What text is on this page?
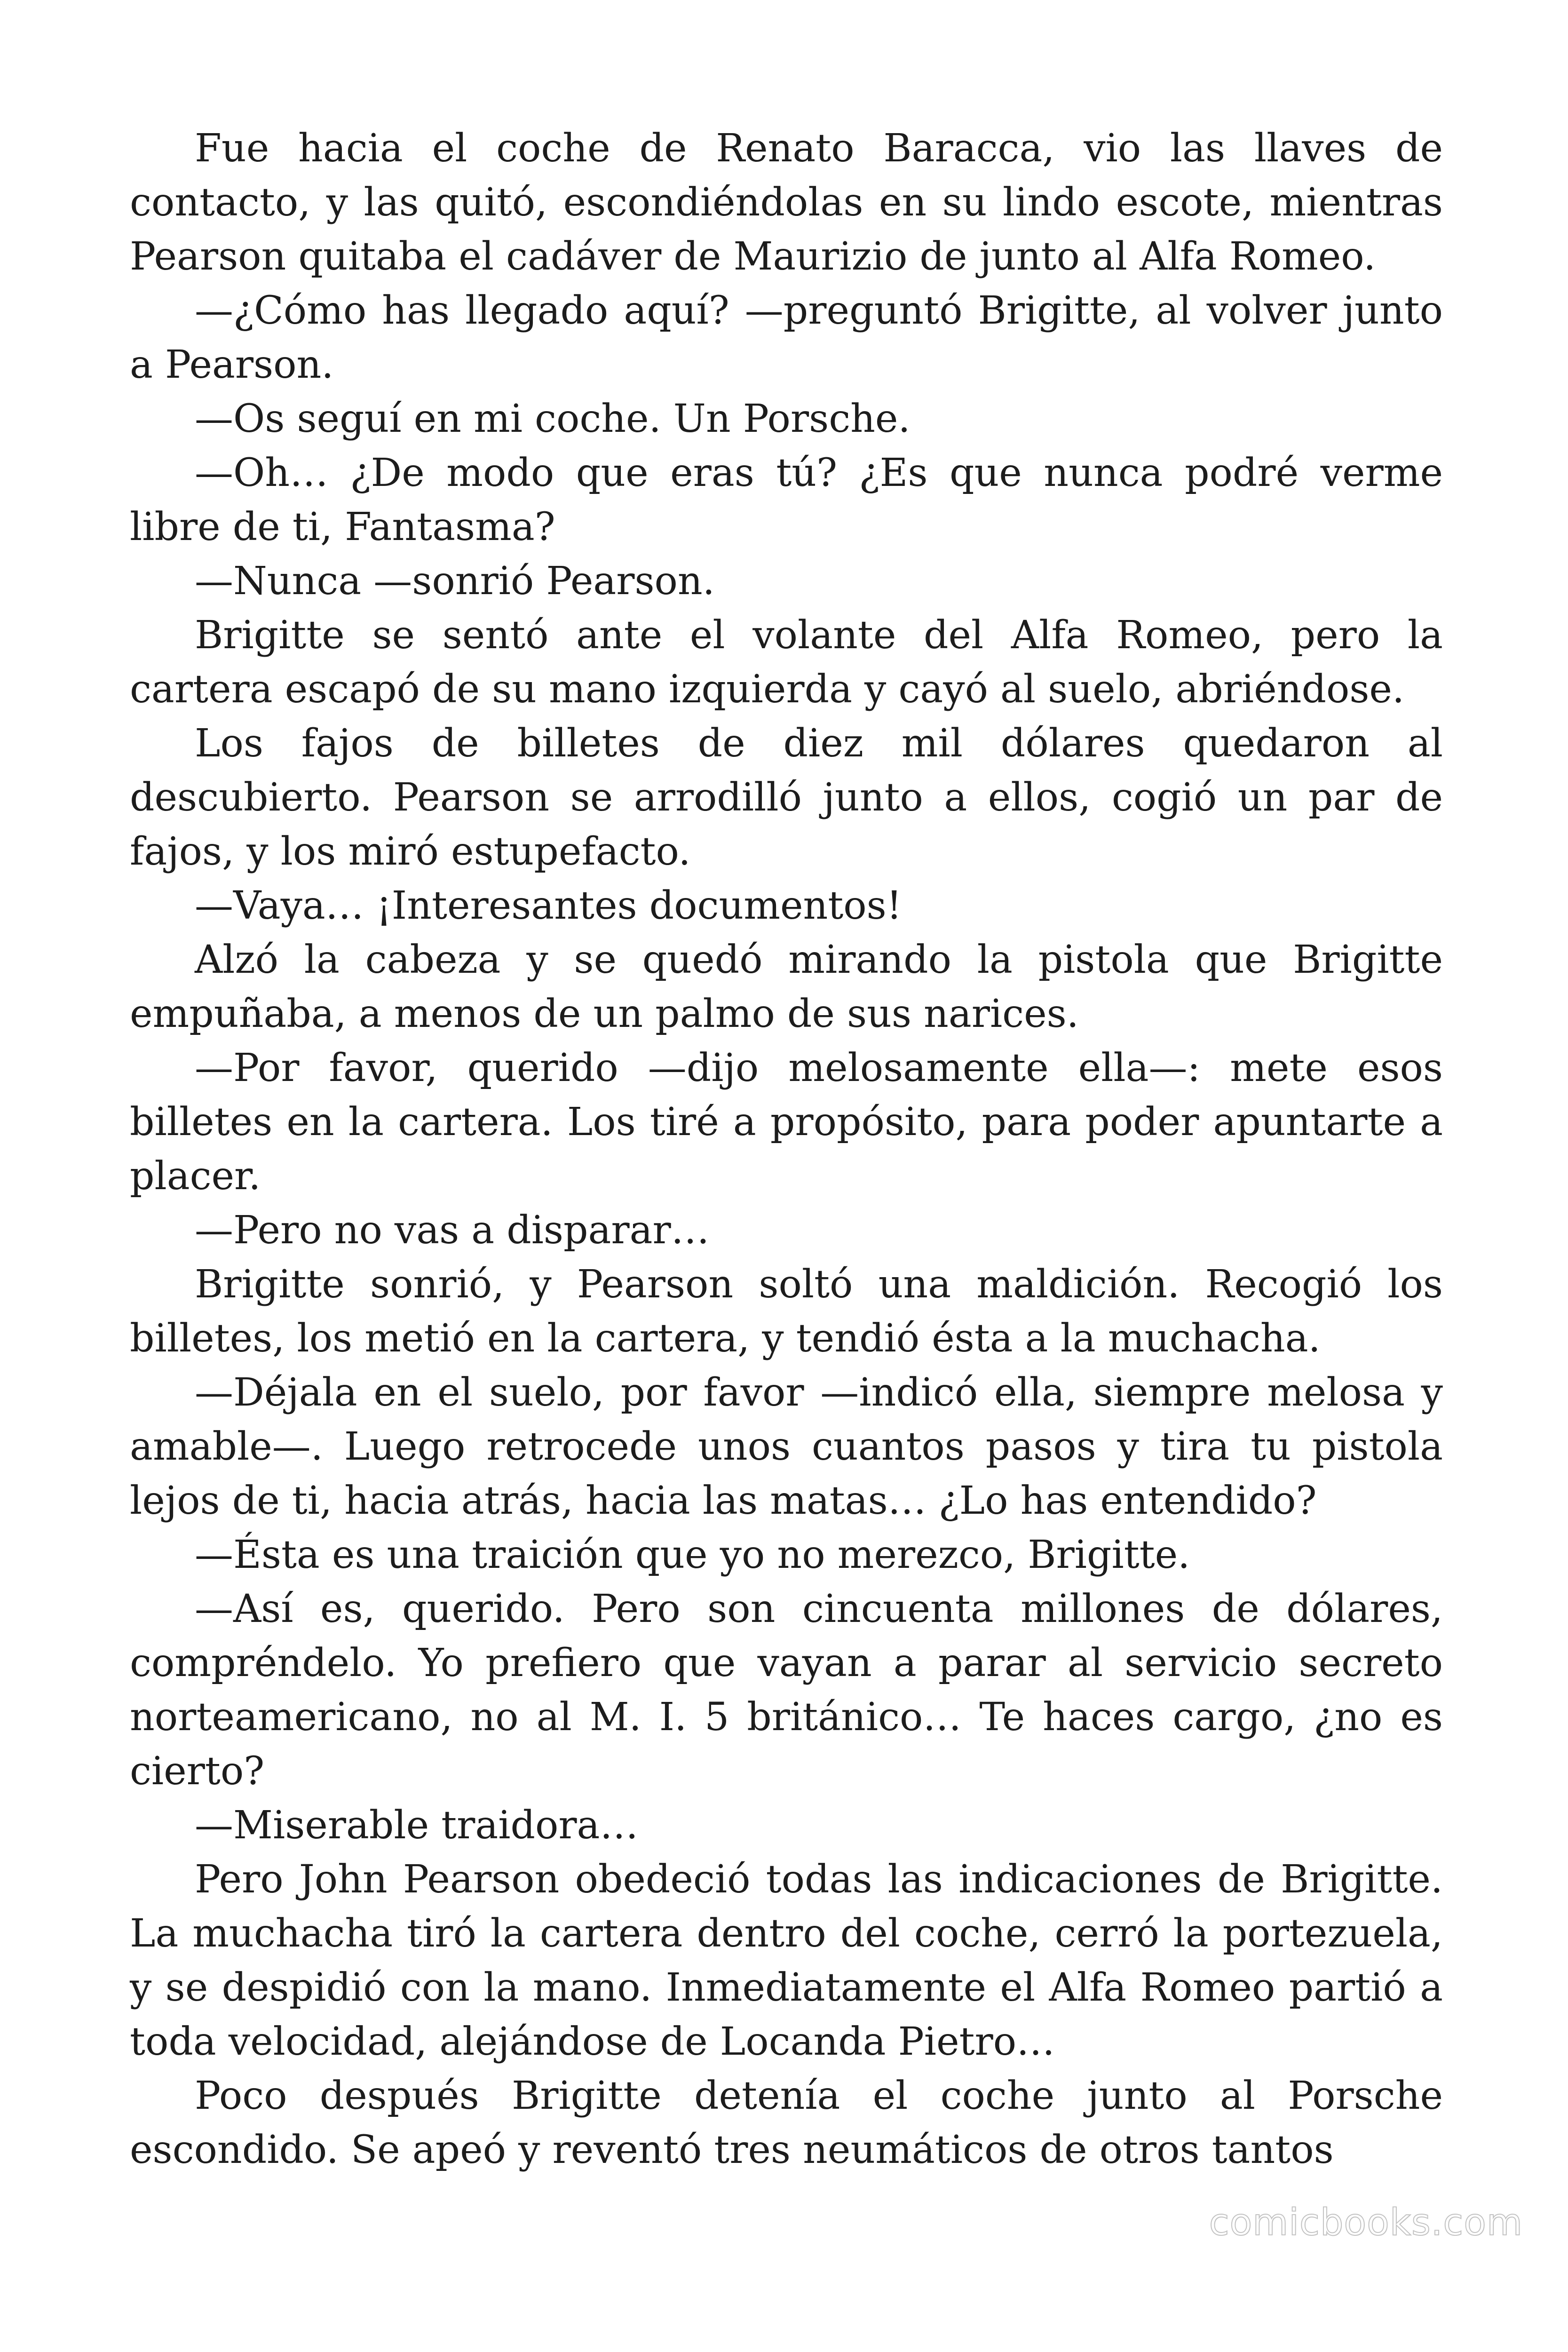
Fue hacia el coche de Renato Baracca, vio las llaves de contacto, y las quitó, escondiéndolas en su lindo escote, mientras Pearson quitaba el cadáver de Maurizio de junto al Alfa Romeo.

—¿Cómo has llegado aquí? —preguntó Brigitte, al volver junto a Pearson.

—Os seguí en mi coche. Un Porsche.

—Oh… ¿De modo que eras tú? ¿Es que nunca podré verme libre de ti, Fantasma?

—Nunca —sonrió Pearson.

Brigitte se sentó ante el volante del Alfa Romeo, pero la cartera escapó de su mano izquierda y cayó al suelo, abriéndose.

Los fajos de billetes de diez mil dólares quedaron al descubierto. Pearson se arrodilló junto a ellos, cogió un par de fajos, y los miró estupefacto.

—Vaya… ¡Interesantes documentos!

Alzó la cabeza y se quedó mirando la pistola que Brigitte empuñaba, a menos de un palmo de sus narices.

—Por favor, querido —dijo melosamente ella—: mete esos billetes en la cartera. Los tiré a propósito, para poder apuntarte a placer.

—Pero no vas a disparar…

Brigitte sonrió, y Pearson soltó una maldición. Recogió los billetes, los metió en la cartera, y tendió ésta a la muchacha.

—Déjala en el suelo, por favor —indicó ella, siempre melosa y amable—. Luego retrocede unos cuantos pasos y tira tu pistola lejos de ti, hacia atrás, hacia las matas… ¿Lo has entendido?

—Ésta es una traición que yo no merezco, Brigitte.

—Así es, querido. Pero son cincuenta millones de dólares, compréndelo. Yo prefiero que vayan a parar al servicio secreto norteamericano, no al M. I. 5 británico… Te haces cargo, ¿no es cierto?

—Miserable traidora…

Pero John Pearson obedeció todas las indicaciones de Brigitte. La muchacha tiró la cartera dentro del coche, cerró la portezuela, y se despidió con la mano. Inmediatamente el Alfa Romeo partió a toda velocidad, alejándose de Locanda Pietro…

Poco después Brigitte detenía el coche junto al Porsche escondido. Se apeó y reventó tres neumáticos de otros tantos

comicbooks.com
